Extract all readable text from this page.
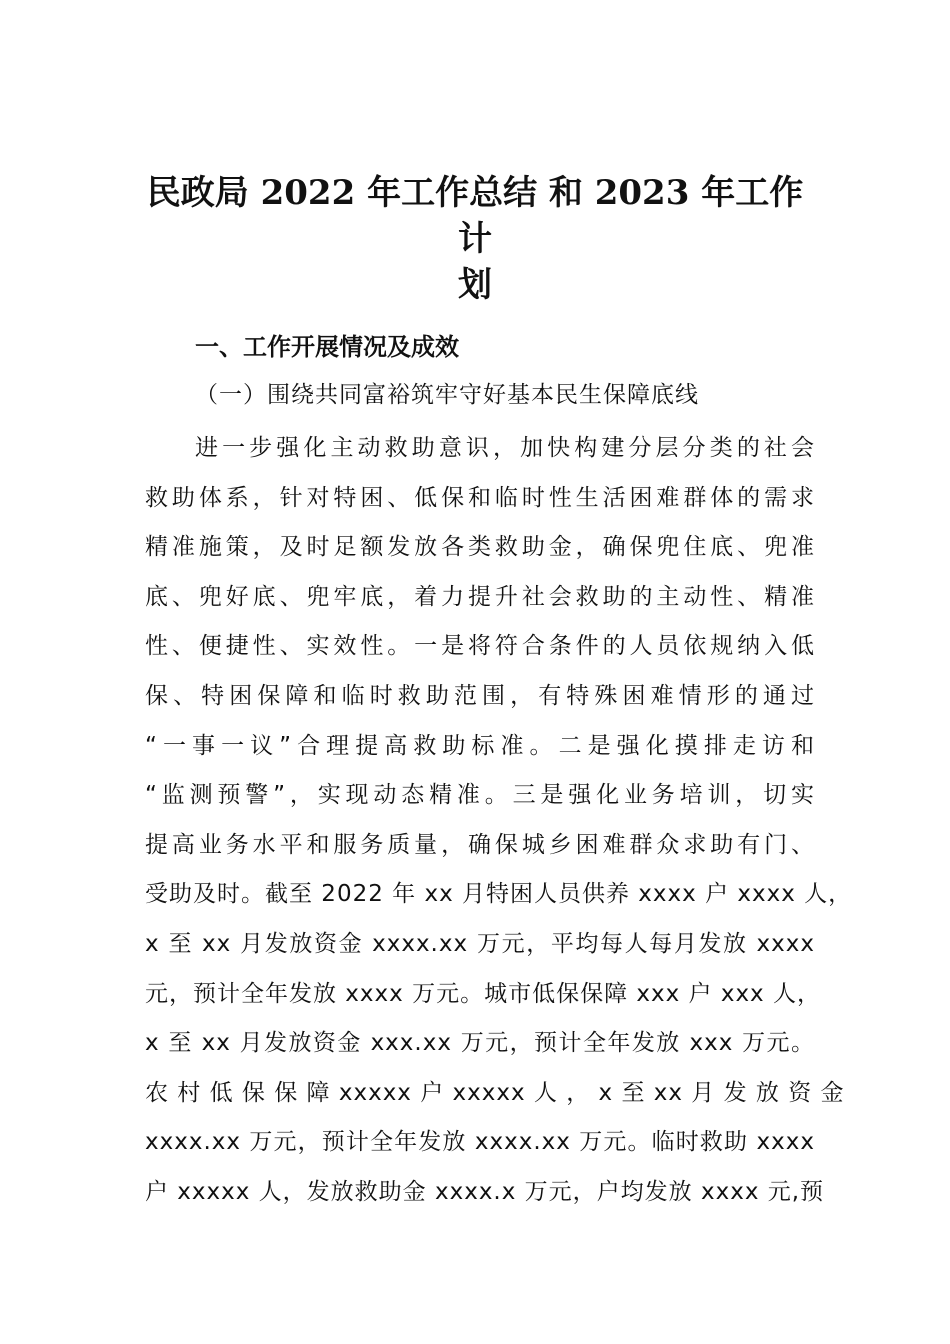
民政局 2022 年工作总结 和 2023 年工作计
划
一、工作开展情况及成效
（一）围绕共同富裕筑牢守好基本民生保障底线
进一步强化主动救助意识，加快构建分层分类的社会
救助体系，针对特困、低保和临时性生活困难群体的需求
精准施策，及时足额发放各类救助金，确保兜住底、兜准
底、兜好底、兜牢底，着力提升社会救助的主动性、精准
性、便捷性、实效性。一是将符合条件的人员依规纳入低
保、特困保障和临时救助范围，有特殊困难情形的通过
“一事一议”合理提高救助标准。二是强化摸排走访和
“监测预警”，实现动态精准。三是强化业务培训，切实
提高业务水平和服务质量，确保城乡困难群众求助有门、
受助及时。截至 2022 年 xx 月特困人员供养 xxxx 户 xxxx 人，
x 至 xx 月发放资金 xxxx.xx 万元，平均每人每月发放 xxxx
元，预计全年发放 xxxx 万元。城市低保保障 xxx 户 xxx 人，
x 至 xx 月发放资金 xxx.xx 万元，预计全年发放 xxx 万元。
农 村 低 保 保 障 xxxxx 户 xxxxx 人 ， x 至 xx 月 发 放 资 金
xxxx.xx 万元，预计全年发放 xxxx.xx 万元。临时救助 xxxx
户 xxxxx 人，发放救助金 xxxx.x 万元，户均发放 xxxx 元,预
